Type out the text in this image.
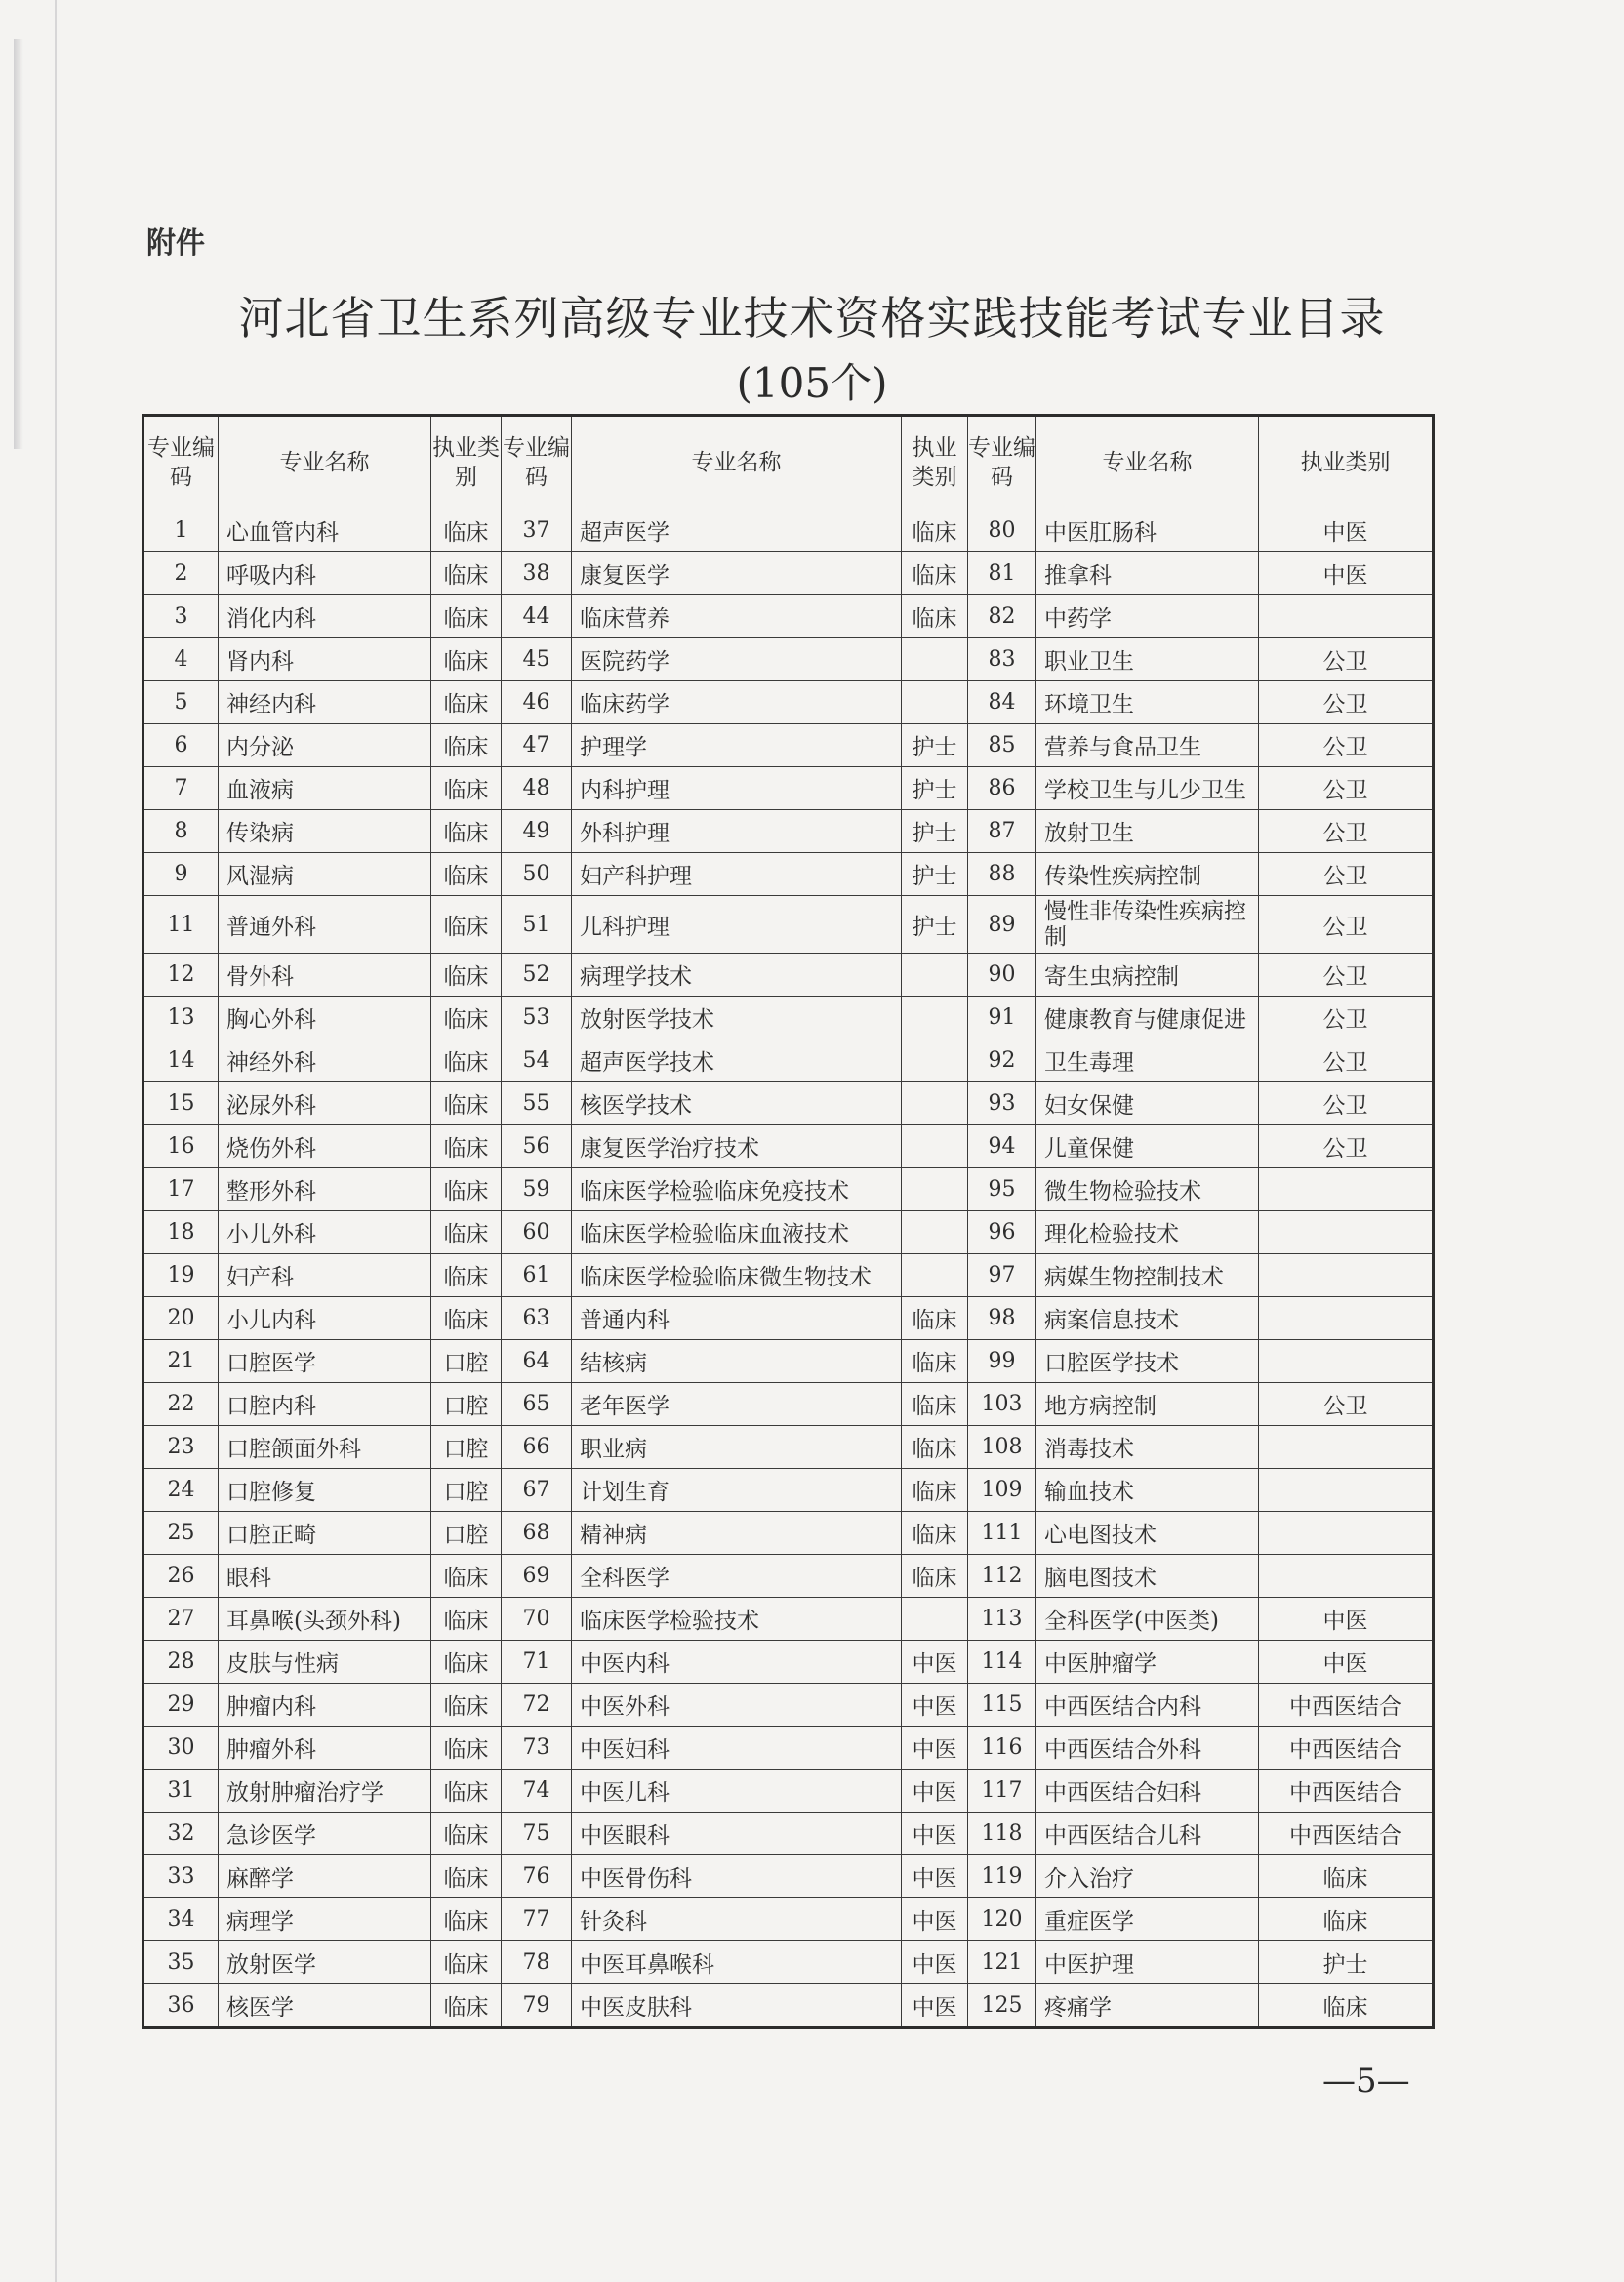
附件
河北省卫生系列高级专业技术资格实践技能考试专业目录
(105个)
专业编码	专业名称	执业类别	专业编码	专业名称	执业类别	专业编码	专业名称	执业类别
1	心血管内科	临床	37	超声医学	临床	80	中医肛肠科	中医
2	呼吸内科	临床	38	康复医学	临床	81	推拿科	中医
3	消化内科	临床	44	临床营养	临床	82	中药学	
4	肾内科	临床	45	医院药学		83	职业卫生	公卫
5	神经内科	临床	46	临床药学		84	环境卫生	公卫
6	内分泌	临床	47	护理学	护士	85	营养与食品卫生	公卫
7	血液病	临床	48	内科护理	护士	86	学校卫生与儿少卫生	公卫
8	传染病	临床	49	外科护理	护士	87	放射卫生	公卫
9	风湿病	临床	50	妇产科护理	护士	88	传染性疾病控制	公卫
11	普通外科	临床	51	儿科护理	护士	89	慢性非传染性疾病控制	公卫
12	骨外科	临床	52	病理学技术		90	寄生虫病控制	公卫
13	胸心外科	临床	53	放射医学技术		91	健康教育与健康促进	公卫
14	神经外科	临床	54	超声医学技术		92	卫生毒理	公卫
15	泌尿外科	临床	55	核医学技术		93	妇女保健	公卫
16	烧伤外科	临床	56	康复医学治疗技术		94	儿童保健	公卫
17	整形外科	临床	59	临床医学检验临床免疫技术		95	微生物检验技术	
18	小儿外科	临床	60	临床医学检验临床血液技术		96	理化检验技术	
19	妇产科	临床	61	临床医学检验临床微生物技术		97	病媒生物控制技术	
20	小儿内科	临床	63	普通内科	临床	98	病案信息技术	
21	口腔医学	口腔	64	结核病	临床	99	口腔医学技术	
22	口腔内科	口腔	65	老年医学	临床	103	地方病控制	公卫
23	口腔颌面外科	口腔	66	职业病	临床	108	消毒技术	
24	口腔修复	口腔	67	计划生育	临床	109	输血技术	
25	口腔正畸	口腔	68	精神病	临床	111	心电图技术	
26	眼科	临床	69	全科医学	临床	112	脑电图技术	
27	耳鼻喉(头颈外科)	临床	70	临床医学检验技术		113	全科医学(中医类)	中医
28	皮肤与性病	临床	71	中医内科	中医	114	中医肿瘤学	中医
29	肿瘤内科	临床	72	中医外科	中医	115	中西医结合内科	中西医结合
30	肿瘤外科	临床	73	中医妇科	中医	116	中西医结合外科	中西医结合
31	放射肿瘤治疗学	临床	74	中医儿科	中医	117	中西医结合妇科	中西医结合
32	急诊医学	临床	75	中医眼科	中医	118	中西医结合儿科	中西医结合
33	麻醉学	临床	76	中医骨伤科	中医	119	介入治疗	临床
34	病理学	临床	77	针灸科	中医	120	重症医学	临床
35	放射医学	临床	78	中医耳鼻喉科	中医	121	中医护理	护士
36	核医学	临床	79	中医皮肤科	中医	125	疼痛学	临床
—5—
